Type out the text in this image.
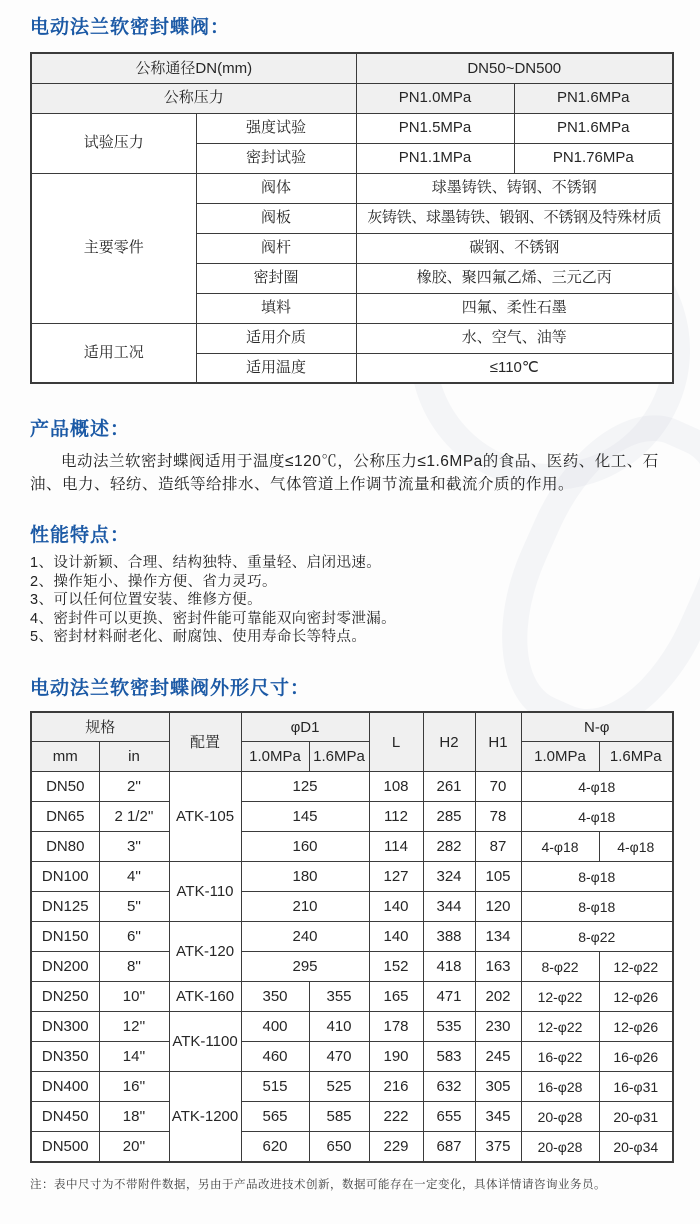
电动法兰软密封蝶阀：
公称通径DN(mm)		DN50~DN500	
公称压力		PN1.0MPa	PN1.6MPa
试验压力	强度试验	PN1.5MPa	PN1.6MPa
	密封试验	PN1.1MPa	PN1.76MPa
主要零件	阀体	球墨铸铁、铸钢、不锈钢	
	阀板	灰铸铁、球墨铸铁、锻钢、不锈钢及特殊材质	
	阀杆	碳钢、不锈钢	
	密封圈	橡胶、聚四氟乙烯、三元乙丙	
	填料	四氟、柔性石墨	
适用工况	适用介质	水、空气、油等	
	适用温度	≤110℃	
产品概述：
电动法兰软密封蝶阀适用于温度≤120℃，公称压力≤1.6MPa的食品、医药、化工、石油、电力、轻纺、造纸等给排水、气体管道上作调节流量和截流介质的作用。
性能特点：
1、设计新颖、合理、结构独特、重量轻、启闭迅速。
2、操作矩小、操作方便、省力灵巧。
3、可以任何位置安装、维修方便。
4、密封件可以更换、密封件能可靠能双向密封零泄漏。
5、密封材料耐老化、耐腐蚀、使用寿命长等特点。
电动法兰软密封蝶阀外形尺寸：
规格		配置	φD1		L	H2	H1	N-φ	
mm	in		1.0MPa	1.6MPa				1.0MPa	1.6MPa
DN50	2''	ATK-105	125		108	261	70	4-φ18	
DN65	2 1/2''		145		112	285	78	4-φ18	
DN80	3''		160		114	282	87	4-φ18	4-φ18
DN100	4''	ATK-110	180		127	324	105	8-φ18	
DN125	5''		210		140	344	120	8-φ18	
DN150	6''	ATK-120	240		140	388	134	8-φ22	
DN200	8''		295		152	418	163	8-φ22	12-φ22
DN250	10''	ATK-160	350	355	165	471	202	12-φ22	12-φ26
DN300	12''	ATK-1100	400	410	178	535	230	12-φ22	12-φ26
DN350	14''		460	470	190	583	245	16-φ22	16-φ26
DN400	16''	ATK-1200	515	525	216	632	305	16-φ28	16-φ31
DN450	18''		565	585	222	655	345	20-φ28	20-φ31
DN500	20''		620	650	229	687	375	20-φ28	20-φ34
注：表中尺寸为不带附件数据，另由于产品改进技术创新，数据可能存在一定变化，具体详情请咨询业务员。
